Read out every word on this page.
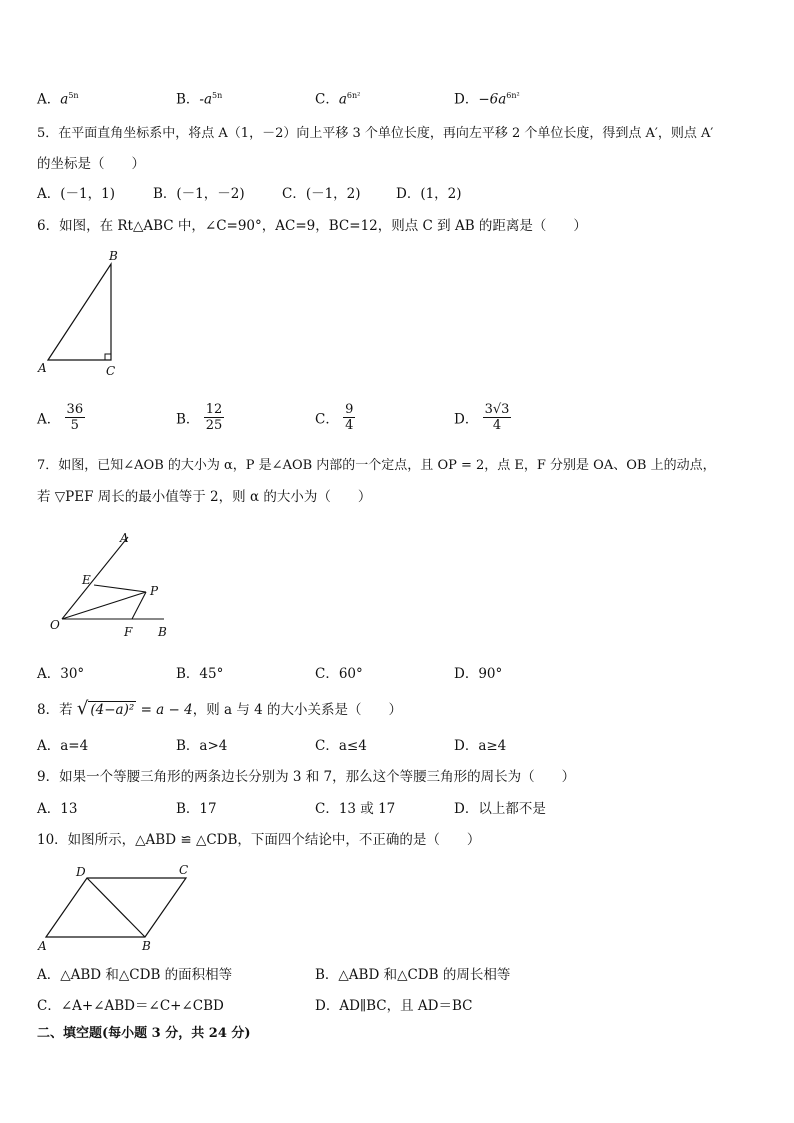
A．$a^{5n}$	B．$-a^{5n}$	C．$a^{6n^2}$	D．$-6a^{6n^2}$
5．在平面直角坐标系中，将点 A（1，－2）向上平移 3 个单位长度，再向左平移 2 个单位长度，得到点 A′，则点 A′
的坐标是（　　）
A．(－1，1)	B．(－1，－2)	C．(－1，2)	D．(1，2)
6．如图，在 Rt△ABC 中，∠C=90°，AC=9，BC=12，则点 C 到 AB 的距离是（　　）
B
A	C
A． $\frac{36}{5}$	B． $\frac{12}{25}$	C． $\frac{9}{4}$	D． $\frac{3√3}{4}$
7．如图，已知∠AOB 的大小为 α，P 是∠AOB 内部的一个定点，且 OP = 2，点 E，F 分别是 OA、OB 上的动点，
若 ▽PEF 周长的最小值等于 2，则 α 的大小为（　　）
A
E
P
O	F B
A．30°	B．45°	C．60°	D．90°
8．若 √ (4−a)² = a − 4，则 a 与 4 的大小关系是（　　）
A．a=4	B．a>4	C．a≤4	D．a≥4
9．如果一个等腰三角形的两条边长分别为 3 和 7，那么这个等腰三角形的周长为（　　）
A．13	B．17	C．13 或 17	D．以上都不是
10．如图所示，△ABD ≌ △CDB，下面四个结论中，不正确的是（　　）
D	C
A	B
A．△ABD 和△CDB 的面积相等	B．△ABD 和△CDB 的周长相等
C．∠A+∠ABD＝∠C+∠CBD	D．AD∥BC，且 AD＝BC
二、填空题(每小题 3 分，共 24 分)
